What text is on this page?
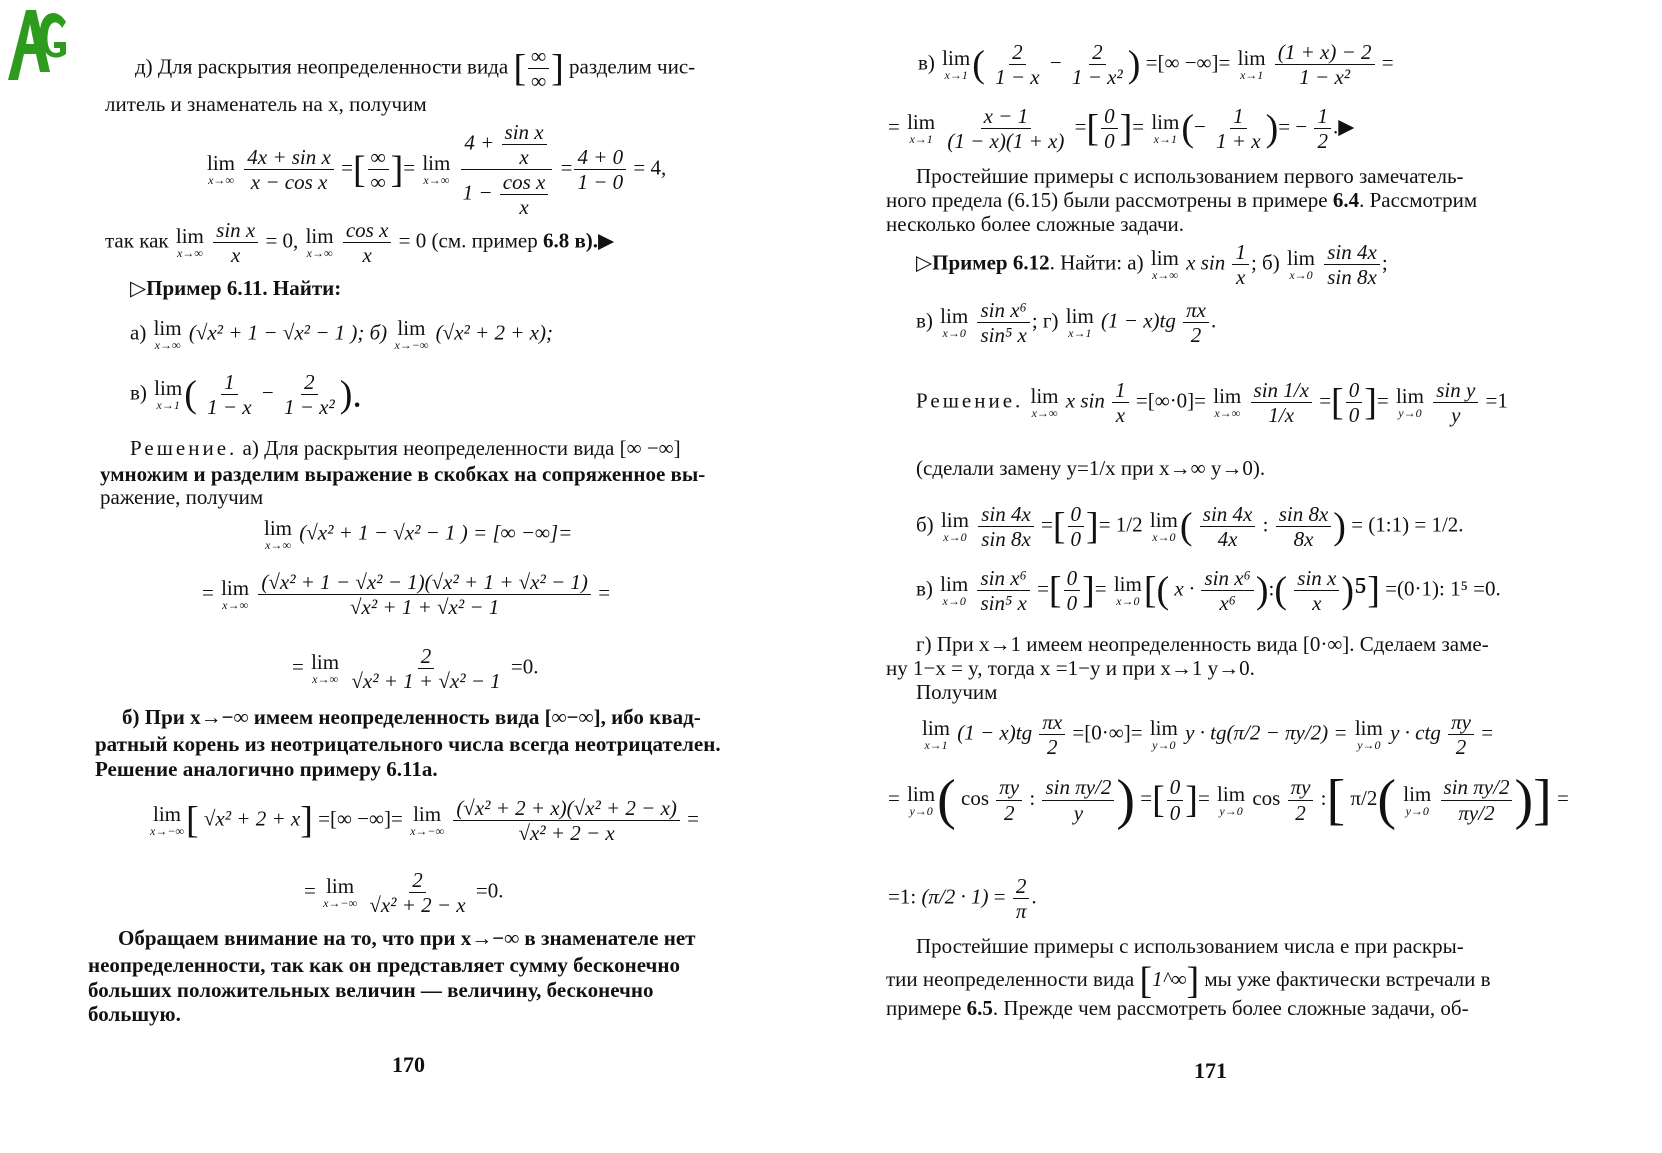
д) Для раскрытия неопределенности вида [ $\frac{\infty}{\infty}$ ] разделим чис-
литель и знаменатель на x, получим
lim
x→∞
$\frac{\text{4x + sin x}}{\text{x − cos x}}$ =[ $\frac{\infty}{\infty}$ ]= lim
x→∞
$\frac{4 + \frac{\text{sin x}}{x}}{1 - \frac{\text{cos x}}{x}} = \frac{4 + 0}{1 - 0} = 4$,
так как lim
x→∞
$\frac{\text{sin x}}{x} = 0$, lim
x→∞
$\frac{\text{cos x}}{x} = 0$ (см. пример 6.8 в).▶
▷Пример 6.11. Найти:
а) lim
x→∞
(√x² + 1 − √x² − 1 ); б) lim
x→−∞
(√x² + 2 + x);
в) lim
x→1 ( $\frac{1}{1 - x} - \frac{2}{\text{1 − x²}}$ ).
Решение. а) Для раскрытия неопределенности вида [∞ −∞]
умножим и разделим выражение в скобках на сопряженное вы-
ражение, получим
lim
x→∞
(√x² + 1 − √x² − 1 ) = [∞ −∞]=
= lim
x→∞
$\frac{\text{(√x² + 1 − √x² − 1)(√x² + 1 + √x² − 1)}}{\text{√x² + 1 + √x² − 1}}$ =
= lim
x→∞
$\frac{2}{\text{√x² + 1 + √x² − 1}} =0$.
б) При x→−∞ имеем неопределенность вида [∞−∞], ибо квад-
ратный корень из неотрицательного числа всегда неотрицателен.
Решение аналогично примеру 6.11а.
lim
x→−∞ [ √x² + 2 + x] =[∞ −∞]= lim
x→−∞
$\frac{\text{(√x² + 2 + x)(√x² + 2 − x)}}{\text{√x² + 2 − x}}$ =
= lim
x→−∞
$\frac{2}{\text{√x² + 2 − x}} =0$.
Обращаем внимание на то, что при x→−∞ в знаменателе нет
неопределенности, так как он представляет сумму бесконечно
больших положительных величин — величину, бесконечно
большую.
170
в) lim
x→1 ( $\frac{2}{1 - x} - \frac{2}{\text{1 − x²}}$ ) =[∞ −∞]= lim
x→1
$\frac{(1 + x) - 2}{\text{1 − x²}}$ =
= lim
x→1
$\frac{x - 1}{(1 - x)(1 + x)}$ =[ $\frac{0}{0}$ ]= lim
x→1 (− $\frac{1}{1 + x}$ )= − $\frac{1}{2}$ .▶
Простейшие примеры с использованием первого замечатель-
ного предела (6.15) были рассмотрены в примере 6.4. Рассмотрим
несколько более сложные задачи.
▷Пример 6.12. Найти: а) lim
x→∞
x $\sin \frac{1}{x}$ ; б) lim
x→0
$\frac{\sin 4x}{\sin 8x}$ ;
в) lim
x→0
$\frac{\text{sin x⁶}}{\text{sin⁵ x}}$ ; г) lim
x→1
$(1 - x)tg \frac{\pi x}{2}$ .
Решение. lim
x→∞
x $\sin \frac{1}{x} =[\infty\cdot 0]= \lim$
x→∞
$\frac{\sin 1/x}{1/x}$ =[ $\frac{0}{0}$ ]= lim
y→0
$\frac{\text{sin y}}{y} =1$
(сделали замену y=1/x при x→∞ y→0).
б) lim
x→0
$\frac{\sin 4x}{\sin 8x}$ =[ $\frac{0}{0}$ ]= 1/2 lim
x→0 ( $\frac{\sin 4x}{4x}$ : $\frac{\sin 8x}{8x}$ ) = (1:1) = 1/2.
в) lim
x→0
$\frac{\text{sin x⁶}}{\text{sin⁵ x}}$ =[ $\frac{0}{0}$ ]= lim
x→0 [( $x \cdot \frac{\text{sin x⁶}}{\text{x⁶}}$ ):( $\frac{\text{sin x}}{x} )^5] =(0\cdot 1)$: 1⁵ =0.
г) При x→1 имеем неопределенность вида [0·∞]. Сделаем заме-
ну 1−x = y, тогда x =1−y и при x→1 y→0.
Получим
lim
x→1
$(1 - x)tg \frac{\pi x}{2} =[0\cdot\infty]= \lim$
y→0
y · tg(π/2 − πy/2) = lim
y→0
y · ctg $\frac{\pi y}{2}$ =
= lim
y→0 ( $\cos \frac{\pi y}{2}$ : $\frac{\text{sin πy/2}}{y}$ ) =[ $\frac{0}{0}$ ]= lim
y→0
$\cos \frac{\pi y}{2}$ :[ π/2( lim
y→0
$\frac{\text{sin πy/2}}{\pi y/2}$ )] =
=1: $(\pi/2 \cdot 1) = \frac{2}{\pi}$ .
Простейшие примеры с использованием числа e при раскры-
тии неопределенности вида [1^∞] мы уже фактически встречали в
примере 6.5. Прежде чем рассмотреть более сложные задачи, об-
171
